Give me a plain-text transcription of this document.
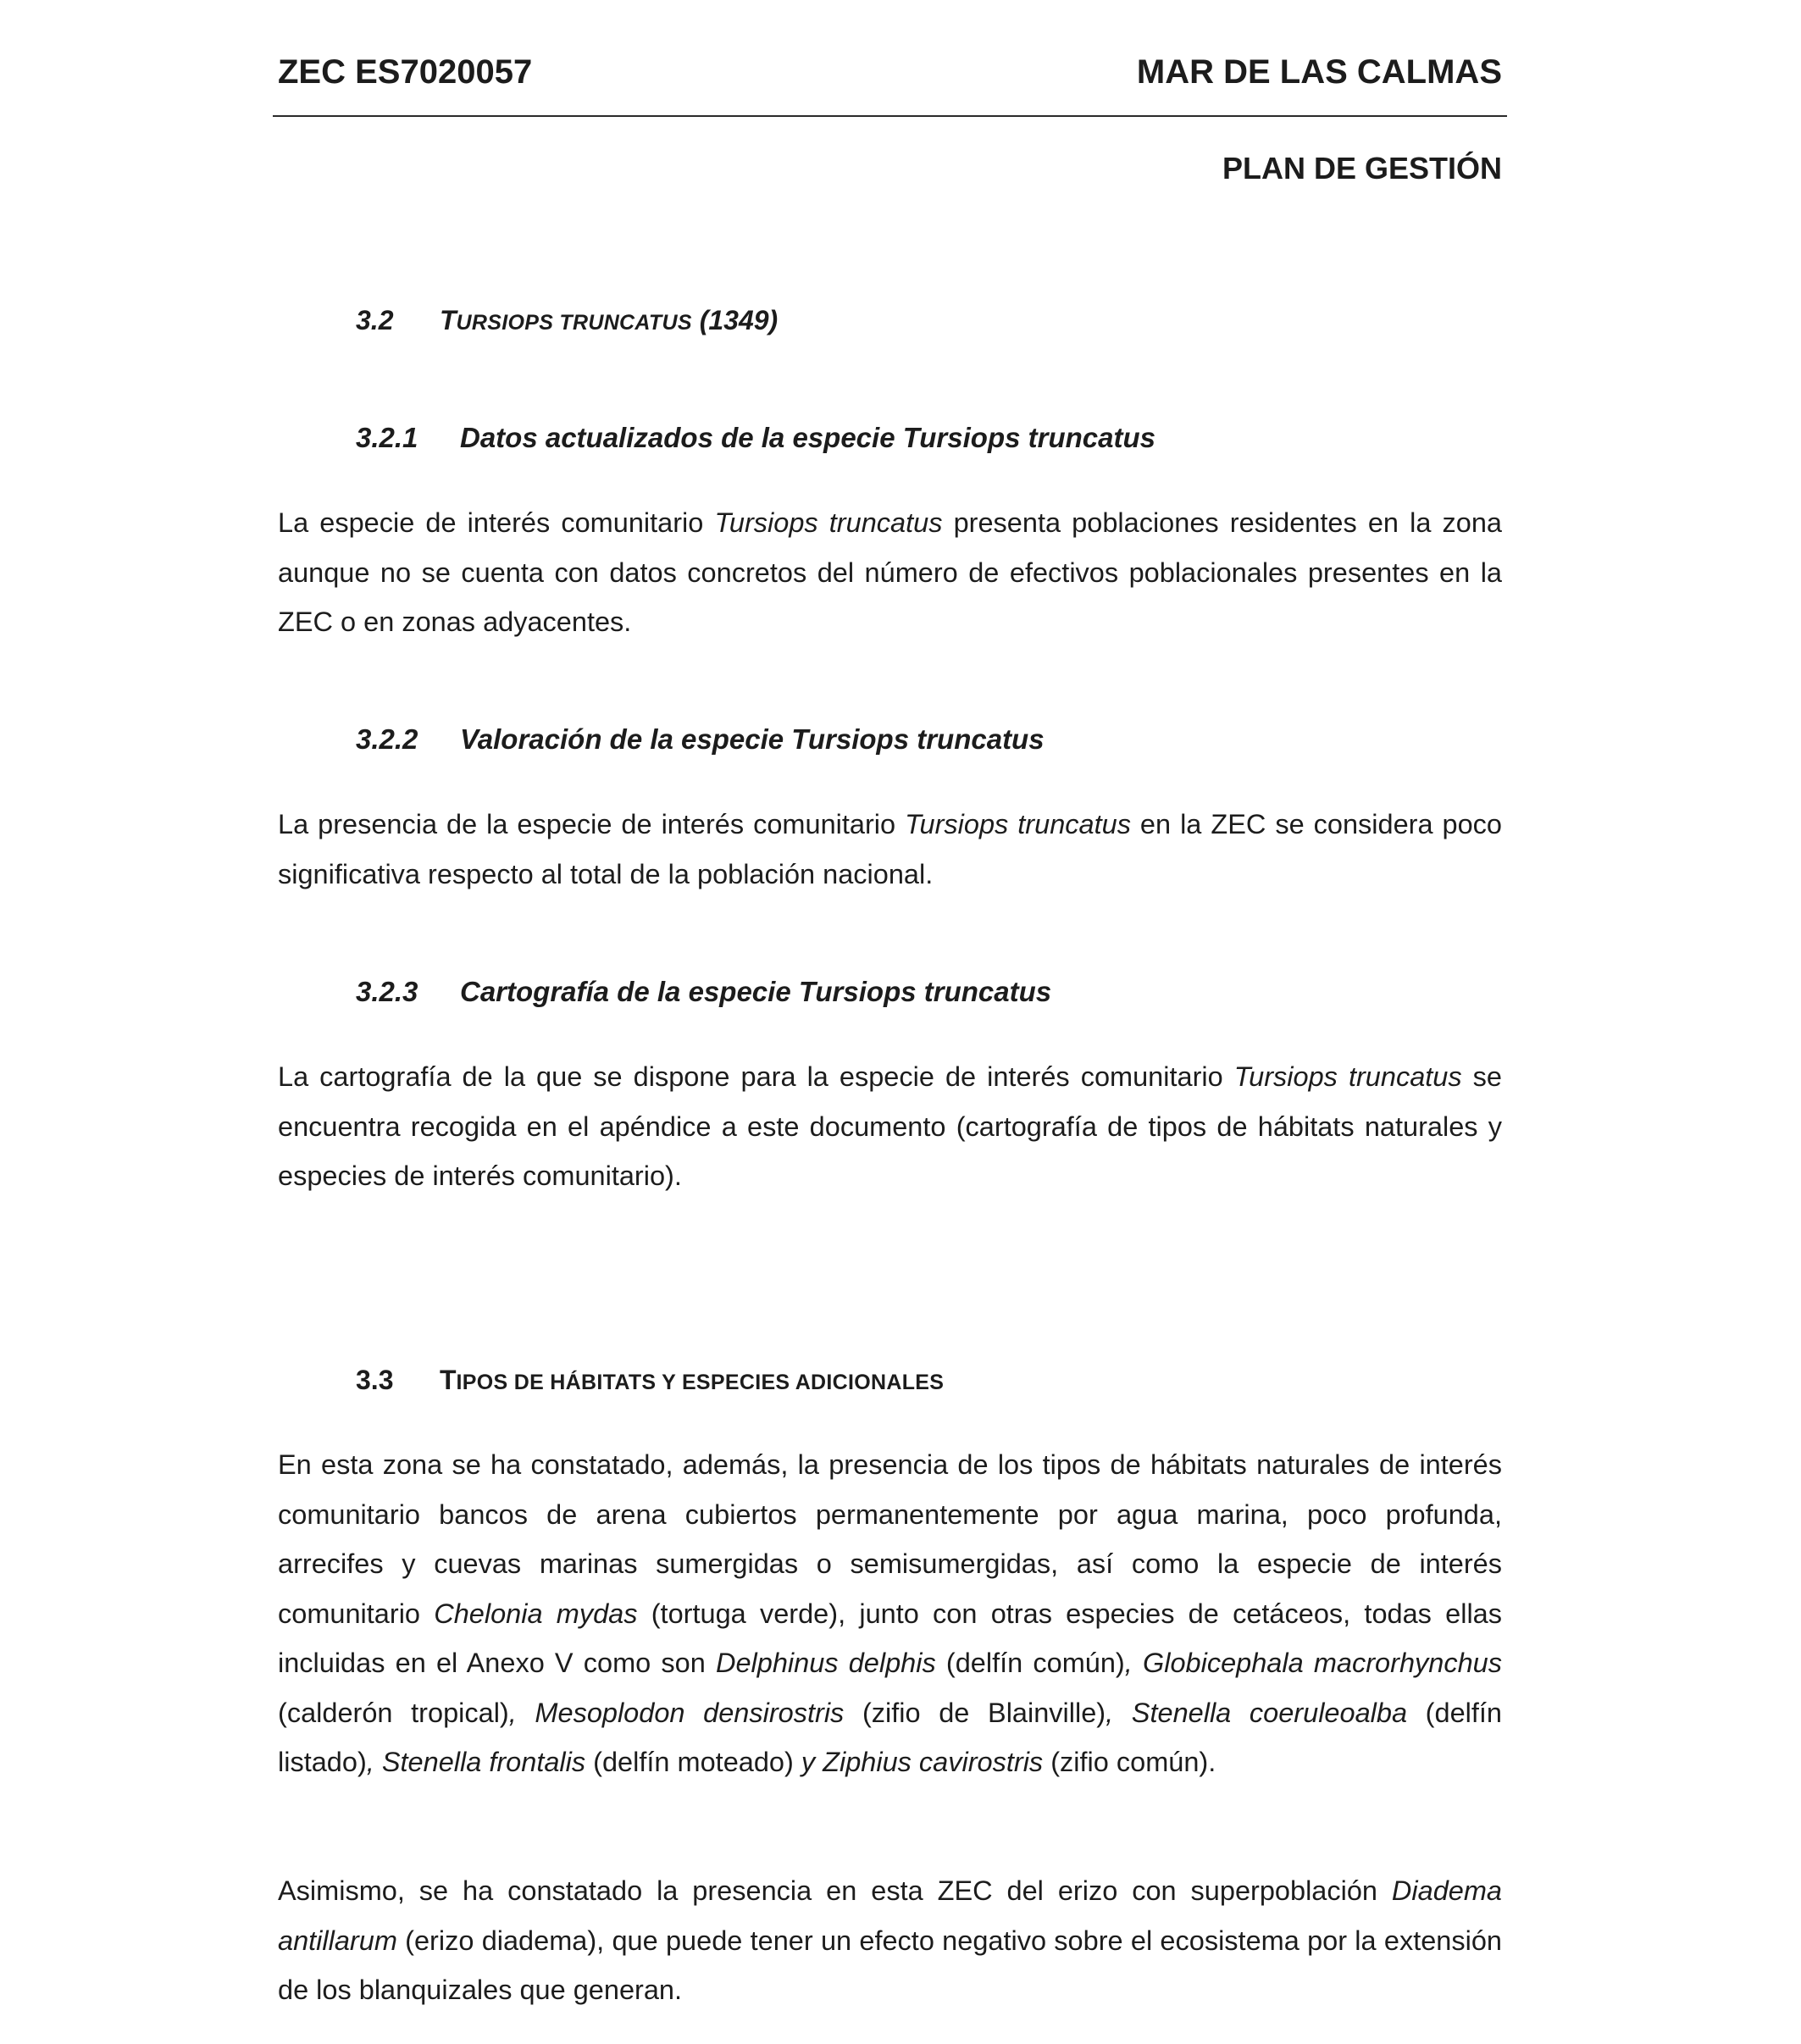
ZEC ES7020057	MAR DE LAS CALMAS
PLAN DE GESTIÓN
3.2 TURSIOPS TRUNCATUS (1349)
3.2.1 Datos actualizados de la especie Tursiops truncatus

La especie de interés comunitario Tursiops truncatus presenta poblaciones residentes en la zona aunque no se cuenta con datos concretos del número de efectivos poblacionales presentes en la ZEC o en zonas adyacentes.

3.2.2 Valoración de la especie Tursiops truncatus

La presencia de la especie de interés comunitario Tursiops truncatus en la ZEC se considera poco significativa respecto al total de la población nacional.

3.2.3 Cartografía de la especie Tursiops truncatus

La cartografía de la que se dispone para la especie de interés comunitario Tursiops truncatus se encuentra recogida en el apéndice a este documento (cartografía de tipos de hábitats naturales y especies de interés comunitario).

3.3 TIPOS DE HÁBITATS Y ESPECIES ADICIONALES

En esta zona se ha constatado, además, la presencia de los tipos de hábitats naturales de interés comunitario bancos de arena cubiertos permanentemente por agua marina, poco profunda, arrecifes y cuevas marinas sumergidas o semisumergidas, así como la especie de interés comunitario Chelonia mydas (tortuga verde), junto con otras especies de cetáceos, todas ellas incluidas en el Anexo V como son Delphinus delphis (delfín común), Globicephala macrorhynchus (calderón tropical), Mesoplodon densirostris (zifio de Blainville), Stenella coeruleoalba (delfín listado), Stenella frontalis (delfín moteado) y Ziphius cavirostris (zifio común).

Asimismo, se ha constatado la presencia en esta ZEC del erizo con superpoblación Diadema antillarum (erizo diadema), que puede tener un efecto negativo sobre el ecosistema por la extensión de los blanquizales que generan.
